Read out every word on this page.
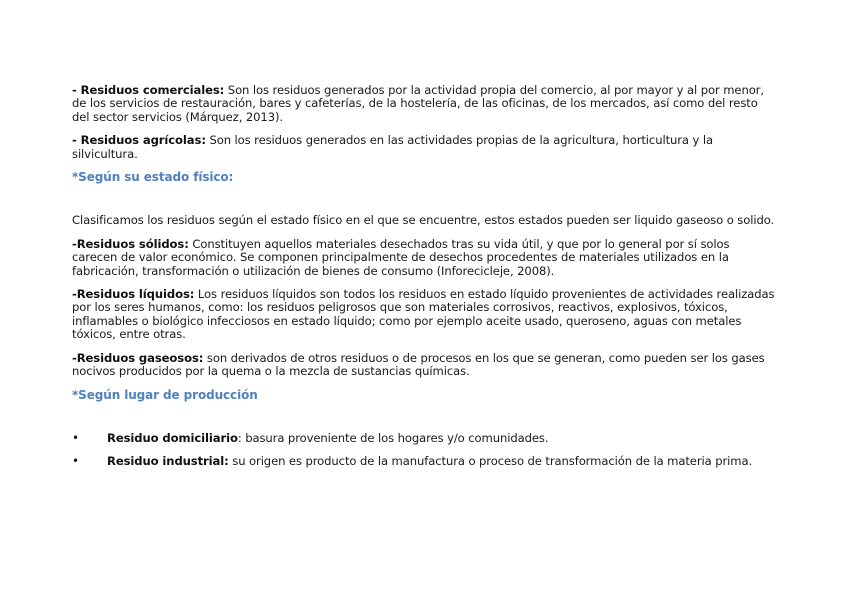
- Residuos comerciales: Son los residuos generados por la actividad propia del comercio, al por mayor y al por menor, de los servicios de restauración, bares y cafeterías, de la hostelería, de las oficinas, de los mercados, así como del resto del sector servicios (Márquez, 2013).

- Residuos agrícolas: Son los residuos generados en las actividades propias de la agricultura, horticultura y la silvicultura.

*Según su estado físico:

Clasificamos los residuos según el estado físico en el que se encuentre, estos estados pueden ser liquido gaseoso o solido.

-Residuos sólidos: Constituyen aquellos materiales desechados tras su vida útil, y que por lo general por sí solos carecen de valor económico. Se componen principalmente de desechos procedentes de materiales utilizados en la fabricación, transformación o utilización de bienes de consumo (Inforecicleje, 2008).

-Residuos líquidos: Los residuos líquidos son todos los residuos en estado líquido provenientes de actividades realizadas por los seres humanos, como: los residuos peligrosos que son materiales corrosivos, reactivos, explosivos, tóxicos, inflamables o biológico infecciosos en estado líquido; como por ejemplo aceite usado, queroseno, aguas con metales tóxicos, entre otras.

-Residuos gaseosos: son derivados de otros residuos o de procesos en los que se generan, como pueden ser los gases nocivos producidos por la quema o la mezcla de sustancias químicas.

*Según lugar de producción
•Residuo domiciliario: basura proveniente de los hogares y/o comunidades.
•Residuo industrial: su origen es producto de la manufactura o proceso de transformación de la materia prima.
